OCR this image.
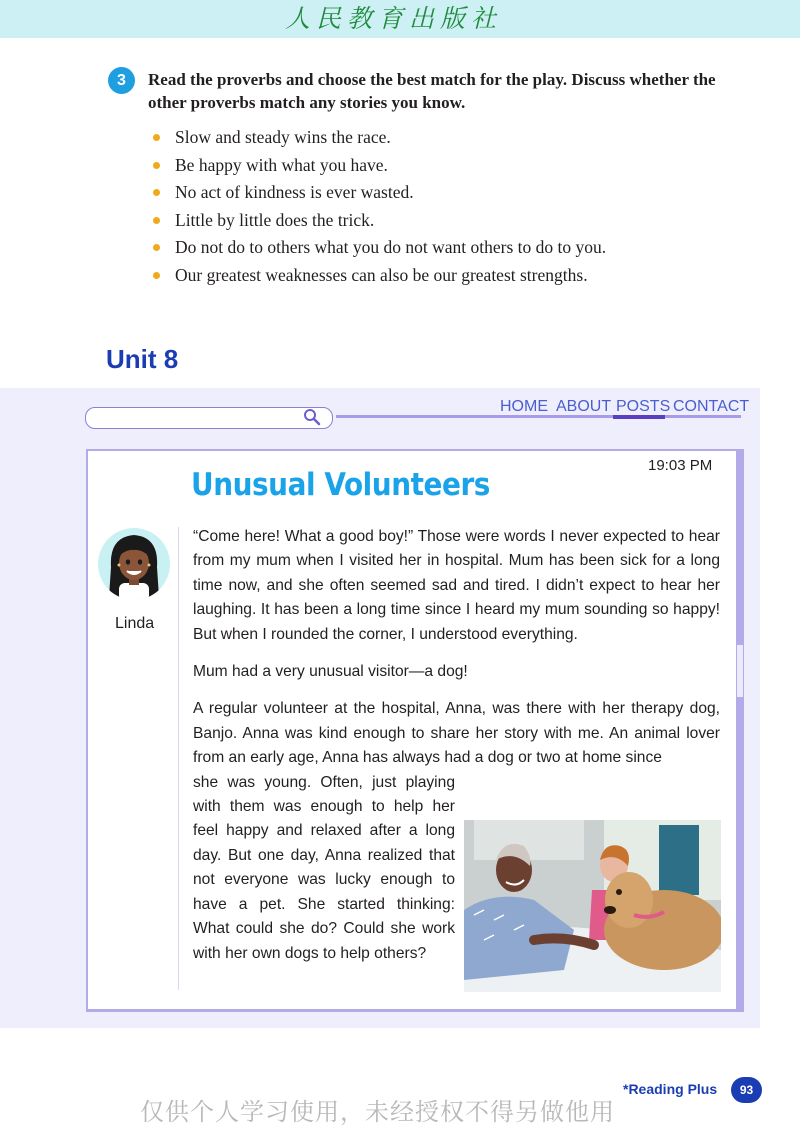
人民教育出版社
3	Read the proverbs and choose the best match for the play. Discuss whether the other proverbs match any stories you know.
Slow and steady wins the race.
Be happy with what you have.
No act of kindness is ever wasted.
Little by little does the trick.
Do not do to others what you do not want others to do to you.
Our greatest weaknesses can also be our greatest strengths.
Unit 8
HOME ABOUT POSTS CONTACT
19:03 PM
Unusual Volunteers
Linda

“Come here! What a good boy!” Those were words I never expected to hear from my mum when I visited her in hospital. Mum has been sick for a long time now, and she often seemed sad and tired. I didn’t expect to hear her laughing. It has been a long time since I heard my mum sounding so happy! But when I rounded the corner, I understood everything.

Mum had a very unusual visitor—a dog!

A regular volunteer at the hospital, Anna, was there with her therapy dog, Banjo. Anna was kind enough to share her story with me. An animal lover from an early age, Anna has always had a dog or two at home since
she was young. Often, just playing with them was enough to help her feel happy and relaxed after a long day. But one day, Anna realized that not everyone was lucky enough to have a pet. She started thinking: What could she do? Could she work with her own dogs to help others?

*Reading Plus	93
仅供个人学习使用，未经授权不得另做他用
